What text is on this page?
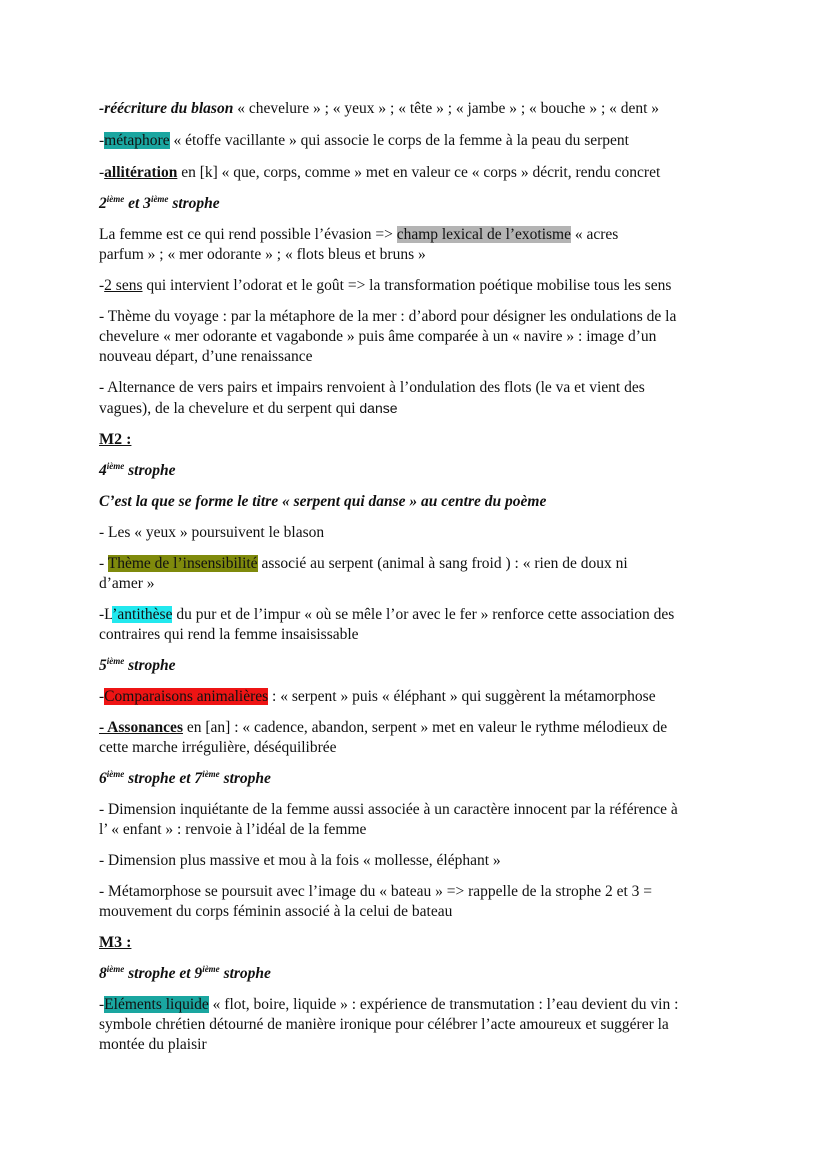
-réécriture du blason « chevelure » ; « yeux » ; « tête » ; « jambe » ; « bouche » ; « dent »

-métaphore « étoffe vacillante » qui associe le corps de la femme à la peau du serpent

-allitération en [k] « que, corps, comme » met en valeur ce « corps » décrit, rendu concret

2ième et 3ième strophe

La femme est ce qui rend possible l’évasion => champ lexical de l’exotisme « acres
parfum » ; « mer odorante » ; « flots bleus et bruns »

-2 sens qui intervient l’odorat et le goût => la transformation poétique mobilise tous les sens

- Thème du voyage : par la métaphore de la mer : d’abord pour désigner les ondulations de la
chevelure « mer odorante et vagabonde » puis âme comparée à un « navire » : image d’un
nouveau départ, d’une renaissance

- Alternance de vers pairs et impairs renvoient à l’ondulation des flots (le va et vient des
vagues), de la chevelure et du serpent qui danse

M2 :

4ième strophe

C’est la que se forme le titre « serpent qui danse » au centre du poème

- Les « yeux » poursuivent le blason

- Thème de l’insensibilité associé au serpent (animal à sang froid ) : « rien de doux ni
d’amer »

-L’antithèse du pur et de l’impur « où se mêle l’or avec le fer » renforce cette association des
contraires qui rend la femme insaisissable

5ième strophe

-Comparaisons animalières : « serpent » puis « éléphant » qui suggèrent la métamorphose

- Assonances en [an] : « cadence, abandon, serpent » met en valeur le rythme mélodieux de
cette marche irrégulière, déséquilibrée

6ième strophe et 7ième strophe

- Dimension inquiétante de la femme aussi associée à un caractère innocent par la référence à
l’ « enfant » : renvoie à l’idéal de la femme

- Dimension plus massive et mou à la fois « mollesse, éléphant »

- Métamorphose se poursuit avec l’image du « bateau » => rappelle de la strophe 2 et 3 =
mouvement du corps féminin associé à la celui de bateau

M3 :

8ième strophe et 9ième strophe

-Eléments liquide « flot, boire, liquide » : expérience de transmutation : l’eau devient du vin :
symbole chrétien détourné de manière ironique pour célébrer l’acte amoureux et suggérer la
montée du plaisir
